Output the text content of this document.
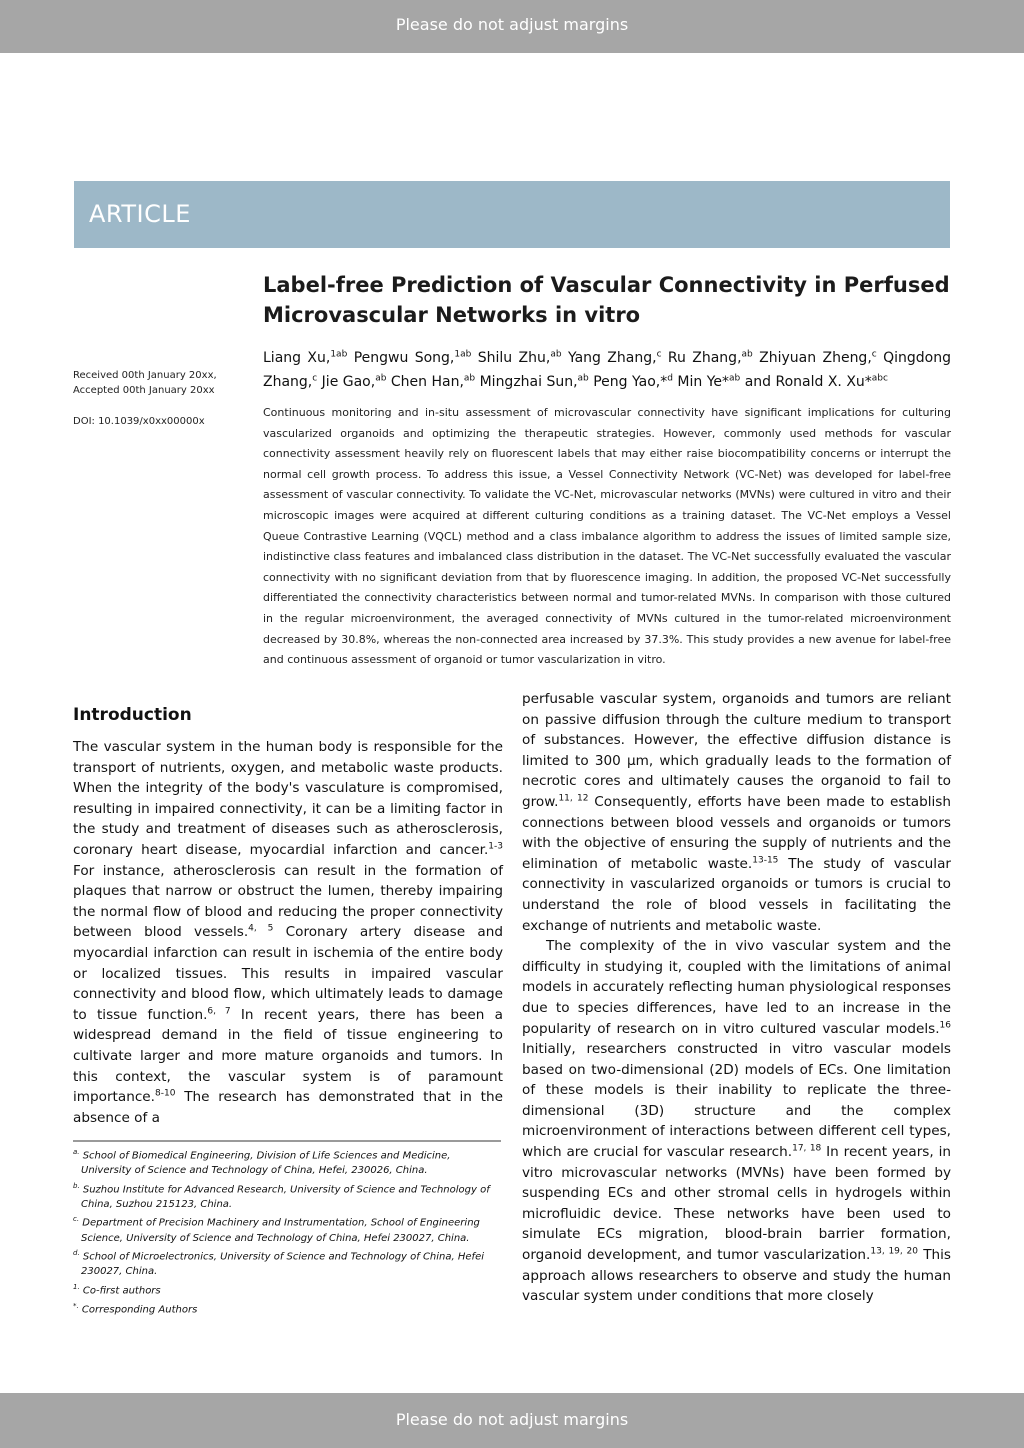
Please do not adjust margins
ARTICLE
Label-free Prediction of Vascular Connectivity in Perfused
Microvascular Networks in vitro
Liang Xu,$^{1ab}$ Pengwu Song,$^{1ab}$ Shilu Zhu,$^{ab}$ Yang Zhang,$^c$ Ru Zhang,$^{ab}$ Zhiyuan Zheng,$^c$ Qingdong Zhang,$^c$ Jie Gao,$^{ab}$ Chen Han,$^{ab}$ Mingzhai Sun,$^{ab}$ Peng Yao,*$^d$ Min Ye*$^{ab}$ and Ronald X. Xu*$^{abc}$
Received 00th January 20xx,
Accepted 00th January 20xx
DOI: 10.1039/x0xx00000x
Continuous monitoring and in-situ assessment of microvascular connectivity have significant implications for culturing vascularized organoids and optimizing the therapeutic strategies. However, commonly used methods for vascular connectivity assessment heavily rely on fluorescent labels that may either raise biocompatibility concerns or interrupt the normal cell growth process. To address this issue, a Vessel Connectivity Network (VC-Net) was developed for label-free assessment of vascular connectivity. To validate the VC-Net, microvascular networks (MVNs) were cultured in vitro and their microscopic images were acquired at different culturing conditions as a training dataset. The VC-Net employs a Vessel Queue Contrastive Learning (VQCL) method and a class imbalance algorithm to address the issues of limited sample size, indistinctive class features and imbalanced class distribution in the dataset. The VC-Net successfully evaluated the vascular connectivity with no significant deviation from that by fluorescence imaging. In addition, the proposed VC-Net successfully differentiated the connectivity characteristics between normal and tumor-related MVNs. In comparison with those cultured in the regular microenvironment, the averaged connectivity of MVNs cultured in the tumor-related microenvironment decreased by 30.8%, whereas the non-connected area increased by 37.3%. This study provides a new avenue for label-free and continuous assessment of organoid or tumor vascularization in vitro.
Introduction

The vascular system in the human body is responsible for the transport of nutrients, oxygen, and metabolic waste products. When the integrity of the body's vasculature is compromised, resulting in impaired connectivity, it can be a limiting factor in the study and treatment of diseases such as atherosclerosis, coronary heart disease, myocardial infarction and cancer.$^{1-3}$ For instance, atherosclerosis can result in the formation of plaques that narrow or obstruct the lumen, thereby impairing the normal flow of blood and reducing the proper connectivity between blood vessels.$^{4, 5}$ Coronary artery disease and myocardial infarction can result in ischemia of the entire body or localized tissues. This results in impaired vascular connectivity and blood flow, which ultimately leads to damage to tissue function.$^{6, 7}$ In recent years, there has been a widespread demand in the field of tissue engineering to cultivate larger and more mature organoids and tumors. In this context, the vascular system is of paramount importance.$^{8-10}$ The research has demonstrated that in the absence of a

perfusable vascular system, organoids and tumors are reliant on passive diffusion through the culture medium to transport of substances. However, the effective diffusion distance is limited to 300 μm, which gradually leads to the formation of necrotic cores and ultimately causes the organoid to fail to grow.$^{11, 12}$ Consequently, efforts have been made to establish connections between blood vessels and organoids or tumors with the objective of ensuring the supply of nutrients and the elimination of metabolic waste.$^{13-15}$ The study of vascular connectivity in vascularized organoids or tumors is crucial to understand the role of blood vessels in facilitating the exchange of nutrients and metabolic waste.

The complexity of the in vivo vascular system and the difficulty in studying it, coupled with the limitations of animal models in accurately reflecting human physiological responses due to species differences, have led to an increase in the popularity of research on in vitro cultured vascular models.$^{16}$ Initially, researchers constructed in vitro vascular models based on two-dimensional (2D) models of ECs. One limitation of these models is their inability to replicate the three-dimensional (3D) structure and the complex microenvironment of interactions between different cell types, which are crucial for vascular research.$^{17, 18}$ In recent years, in vitro microvascular networks (MVNs) have been formed by suspending ECs and other stromal cells in hydrogels within microfluidic device. These networks have been used to simulate ECs migration, blood-brain barrier formation, organoid development, and tumor vascularization.$^{13, 19, 20}$ This approach allows researchers to observe and study the human vascular system under conditions that more closely

$^{a.}$ School of Biomedical Engineering, Division of Life Sciences and Medicine, University of Science and Technology of China, Hefei, 230026, China.
$^{b.}$ Suzhou Institute for Advanced Research, University of Science and Technology of China, Suzhou 215123, China.
$^{c.}$ Department of Precision Machinery and Instrumentation, School of Engineering Science, University of Science and Technology of China, Hefei 230027, China.
$^{d.}$ School of Microelectronics, University of Science and Technology of China, Hefei 230027, China.
$^{1.}$ Co-first authors
*. Corresponding Authors
Please do not adjust margins
